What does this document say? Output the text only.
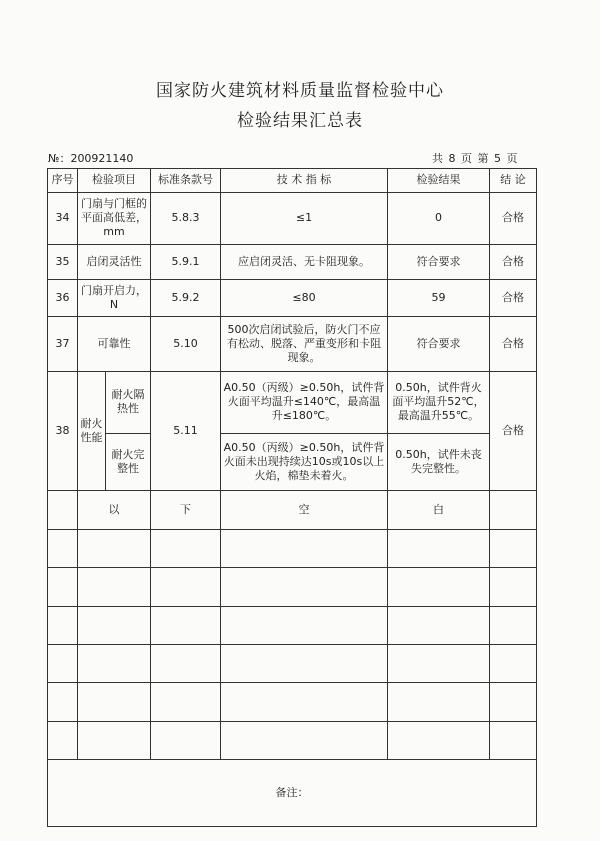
国家防火建筑材料质量监督检验中心
检验结果汇总表
№：200921140	共 8 页 第 5 页
序号	检验项目		标准条款号	技 术 指 标	检验结果	结 论
34	门扇与门框的平面高低差，mm		5.8.3	≤1	0	合格
35	启闭灵活性		5.9.1	应启闭灵活、无卡阻现象。	符合要求	合格
36	门扇开启力，N		5.9.2	≤80	59	合格
37	可靠性		5.10	500次启闭试验后，防火门不应有松动、脱落、严重变形和卡阻现象。	符合要求	合格
38	耐火性能	耐火隔热性	5.11	A0.50（丙级）≥0.50h，试件背火面平均温升≤140℃，最高温升≤180℃。	0.50h，试件背火面平均温升52℃，最高温升55℃。	合格
		耐火完整性		A0.50（丙级）≥0.50h，试件背火面未出现持续达10s或10s以上火焰，棉垫未着火。	0.50h，试件未丧失完整性。	
	以		下	空	白	

备注：						
